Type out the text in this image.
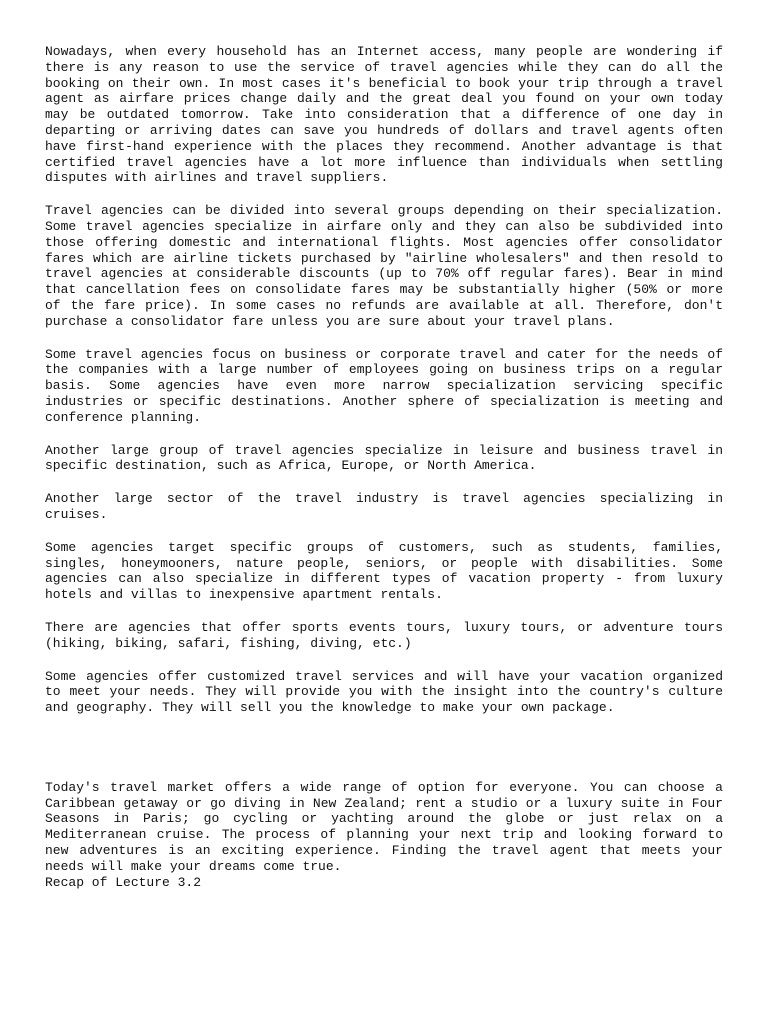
Nowadays, when every household has an Internet access, many people are wondering if there is any reason to use the service of travel agencies while they can do all the booking on their own. In most cases it's beneficial to book your trip through a travel agent as airfare prices change daily and the great deal you found on your own today may be outdated tomorrow. Take into consideration that a difference of one day in departing or arriving dates can save you hundreds of dollars and travel agents often have first-hand experience with the places they recommend. Another advantage is that certified travel agencies have a lot more influence than individuals when settling disputes with airlines and travel suppliers.

Travel agencies can be divided into several groups depending on their specialization. Some travel agencies specialize in airfare only and they can also be subdivided into those offering domestic and international flights. Most agencies offer consolidator fares which are airline tickets purchased by "airline wholesalers" and then resold to travel agencies at considerable discounts (up to 70% off regular fares). Bear in mind that cancellation fees on consolidate fares may be substantially higher (50% or more of the fare price). In some cases no refunds are available at all. Therefore, don't purchase a consolidator fare unless you are sure about your travel plans.

Some travel agencies focus on business or corporate travel and cater for the needs of the companies with a large number of employees going on business trips on a regular basis. Some agencies have even more narrow specialization servicing specific industries or specific destinations. Another sphere of specialization is meeting and conference planning.

Another large group of travel agencies specialize in leisure and business travel in specific destination, such as Africa, Europe, or North America.

Another large sector of the travel industry is travel agencies specializing in cruises.

Some agencies target specific groups of customers, such as students, families, singles, honeymooners, nature people, seniors, or people with disabilities. Some agencies can also specialize in different types of vacation property - from luxury hotels and villas to inexpensive apartment rentals.

There are agencies that offer sports events tours, luxury tours, or adventure tours (hiking, biking, safari, fishing, diving, etc.)

Some agencies offer customized travel services and will have your vacation organized to meet your needs. They will provide you with the insight into the country's culture and geography. They will sell you the knowledge to make your own package.

Today's travel market offers a wide range of option for everyone. You can choose a Caribbean getaway or go diving in New Zealand; rent a studio or a luxury suite in Four Seasons in Paris; go cycling or yachting around the globe or just relax on a Mediterranean cruise. The process of planning your next trip and looking forward to new adventures is an exciting experience. Finding the travel agent that meets your needs will make your dreams come true.

Recap of Lecture 3.2
